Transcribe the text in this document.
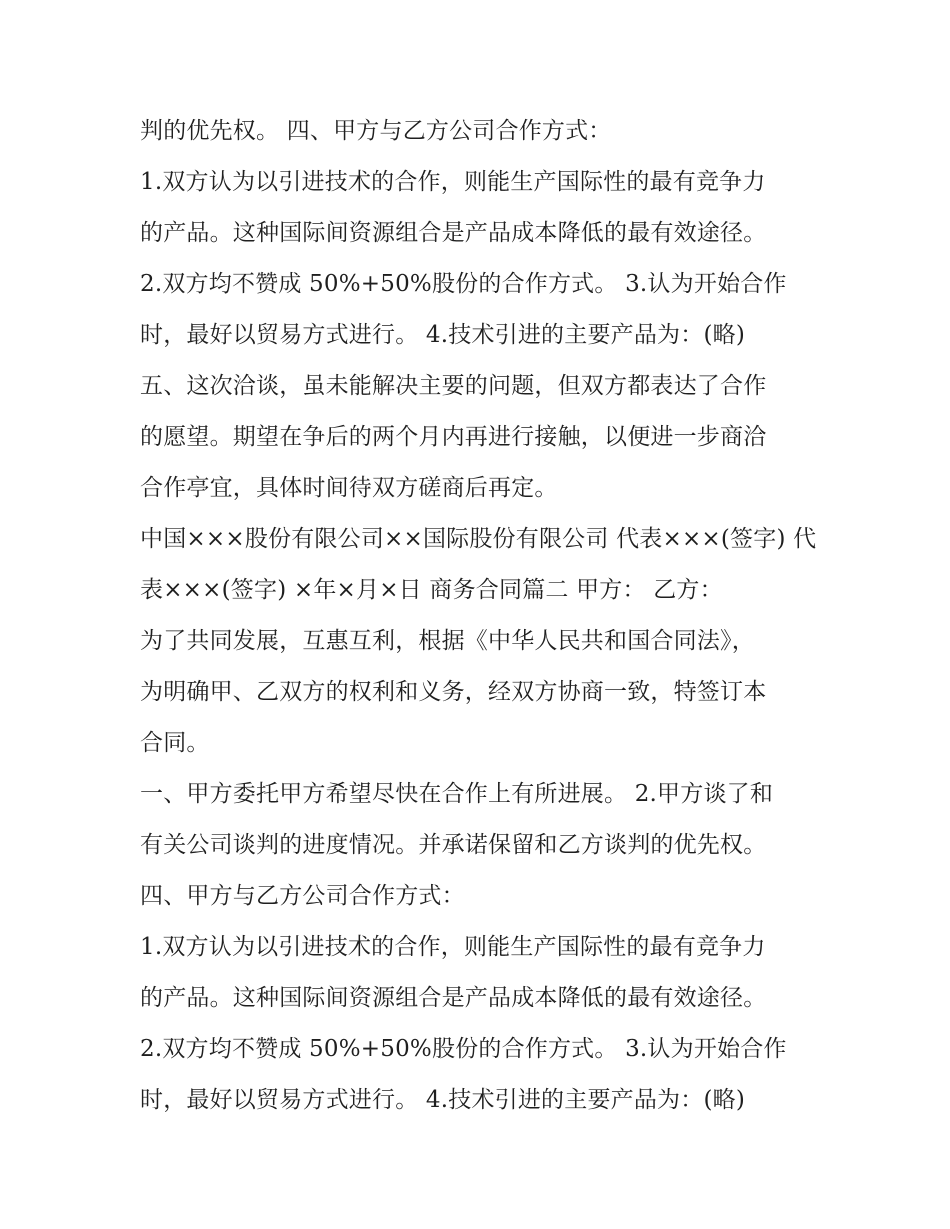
判的优先权。 四、甲方与乙方公司合作方式：
1.双方认为以引进技术的合作，则能生产国际性的最有竞争力
的产品。这种国际间资源组合是产品成本降低的最有效途径。
2.双方均不赞成 50%+50%股份的合作方式。 3.认为开始合作
时，最好以贸易方式进行。 4.技术引进的主要产品为：(略)
五、这次洽谈，虽未能解决主要的问题，但双方都表达了合作
的愿望。期望在争后的两个月内再进行接触，以便进一步商洽
合作亭宜，具体时间待双方磋商后再定。
中国×××股份有限公司××国际股份有限公司 代表×××(签字) 代
表×××(签字) ×年×月×日 商务合同篇二 甲方： 乙方：
为了共同发展，互惠互利，根据《中华人民共和国合同法》，
为明确甲、乙双方的权利和义务，经双方协商一致，特签订本
合同。
一、甲方委托甲方希望尽快在合作上有所进展。 2.甲方谈了和
有关公司谈判的进度情况。并承诺保留和乙方谈判的优先权。
四、甲方与乙方公司合作方式：
1.双方认为以引进技术的合作，则能生产国际性的最有竞争力
的产品。这种国际间资源组合是产品成本降低的最有效途径。
2.双方均不赞成 50%+50%股份的合作方式。 3.认为开始合作
时，最好以贸易方式进行。 4.技术引进的主要产品为：(略)
